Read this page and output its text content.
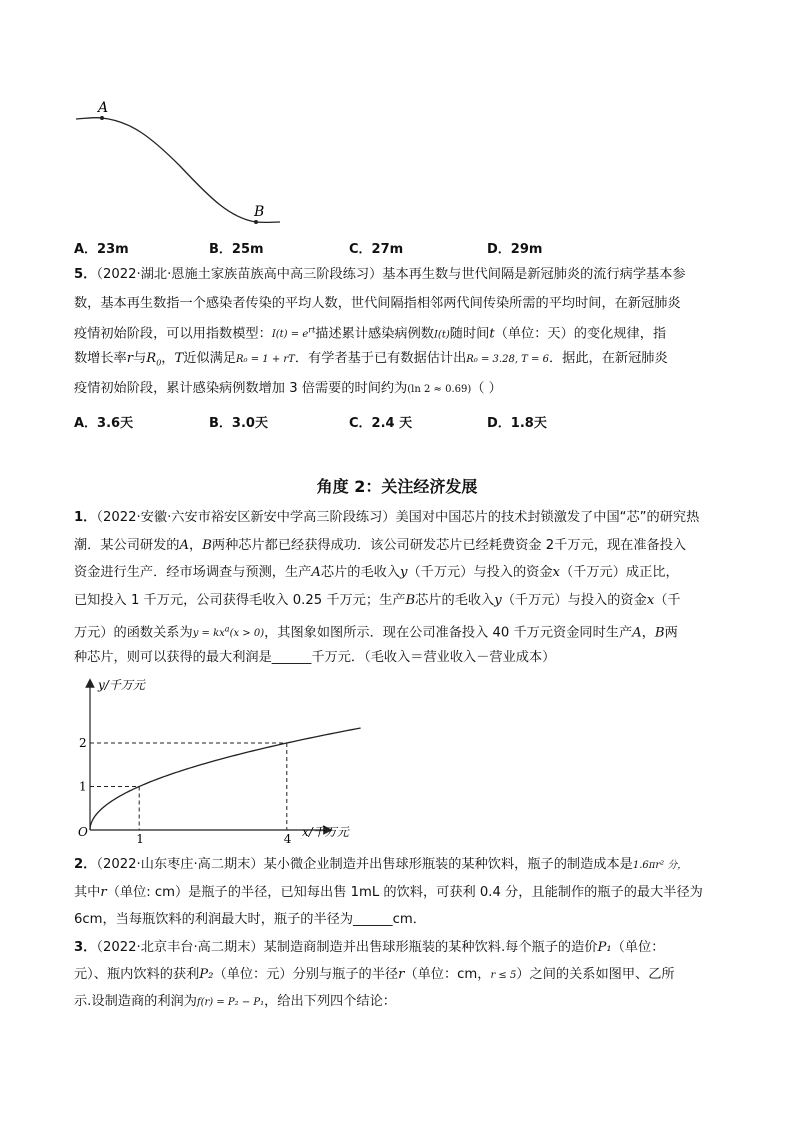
A
B
A．23m	B．25m	C．27m	D．29m
5．（2022·湖北·恩施土家族苗族高中高三阶段练习）基本再生数与世代间隔是新冠肺炎的流行病学基本参
数，基本再生数指一个感染者传染的平均人数，世代间隔指相邻两代间传染所需的平均时间，在新冠肺炎
疫情初始阶段，可以用指数模型：$I(t) = e^{rt}$描述累计感染病例数I(t)随时间t（单位：天）的变化规律，指
数增长率r与$R_0$，T近似满足R₀ = 1 + rT．有学者基于已有数据估计出R₀ = 3.28, T = 6．据此，在新冠肺炎
疫情初始阶段，累计感染病例数增加 3 倍需要的时间约为(ln 2 ≈ 0.69)（ ）
A．3.6天	B．3.0天	C．2.4 天	D．1.8天
角度 2：关注经济发展
1．（2022·安徽·六安市裕安区新安中学高三阶段练习）美国对中国芯片的技术封锁激发了中国“芯”的研究热
潮．某公司研发的A，B两种芯片都已经获得成功．该公司研发芯片已经耗费资金 2千万元，现在准备投入
资金进行生产．经市场调查与预测，生产A芯片的毛收入y（千万元）与投入的资金x（千万元）成正比，
已知投入 1 千万元，公司获得毛收入 0.25 千万元；生产B芯片的毛收入y（千万元）与投入的资金x（千
万元）的函数关系为$y = kx^a(x > 0)$，其图象如图所示．现在公司准备投入 40 千万元资金同时生产A，B两
种芯片，则可以获得的最大利润是______千万元．（毛收入＝营业收入－营业成本）
y/千万元
x/千万元
O
2
1
1	4
2．（2022·山东枣庄·高二期末）某小微企业制造并出售球形瓶装的某种饮料，瓶子的制造成本是1.6πr² 分，
其中r（单位: cm）是瓶子的半径，已知每出售 1mL 的饮料，可获利 0.4 分，且能制作的瓶子的最大半径为
6cm，当每瓶饮料的利润最大时，瓶子的半径为______cm．
3．（2022·北京丰台·高二期末）某制造商制造并出售球形瓶装的某种饮料.每个瓶子的造价P₁（单位：
元）、瓶内饮料的获利P₂（单位：元）分别与瓶子的半径r（单位：cm，r ≤ 5）之间的关系如图甲、乙所
示.设制造商的利润为f(r) = P₂ − P₁，给出下列四个结论：
